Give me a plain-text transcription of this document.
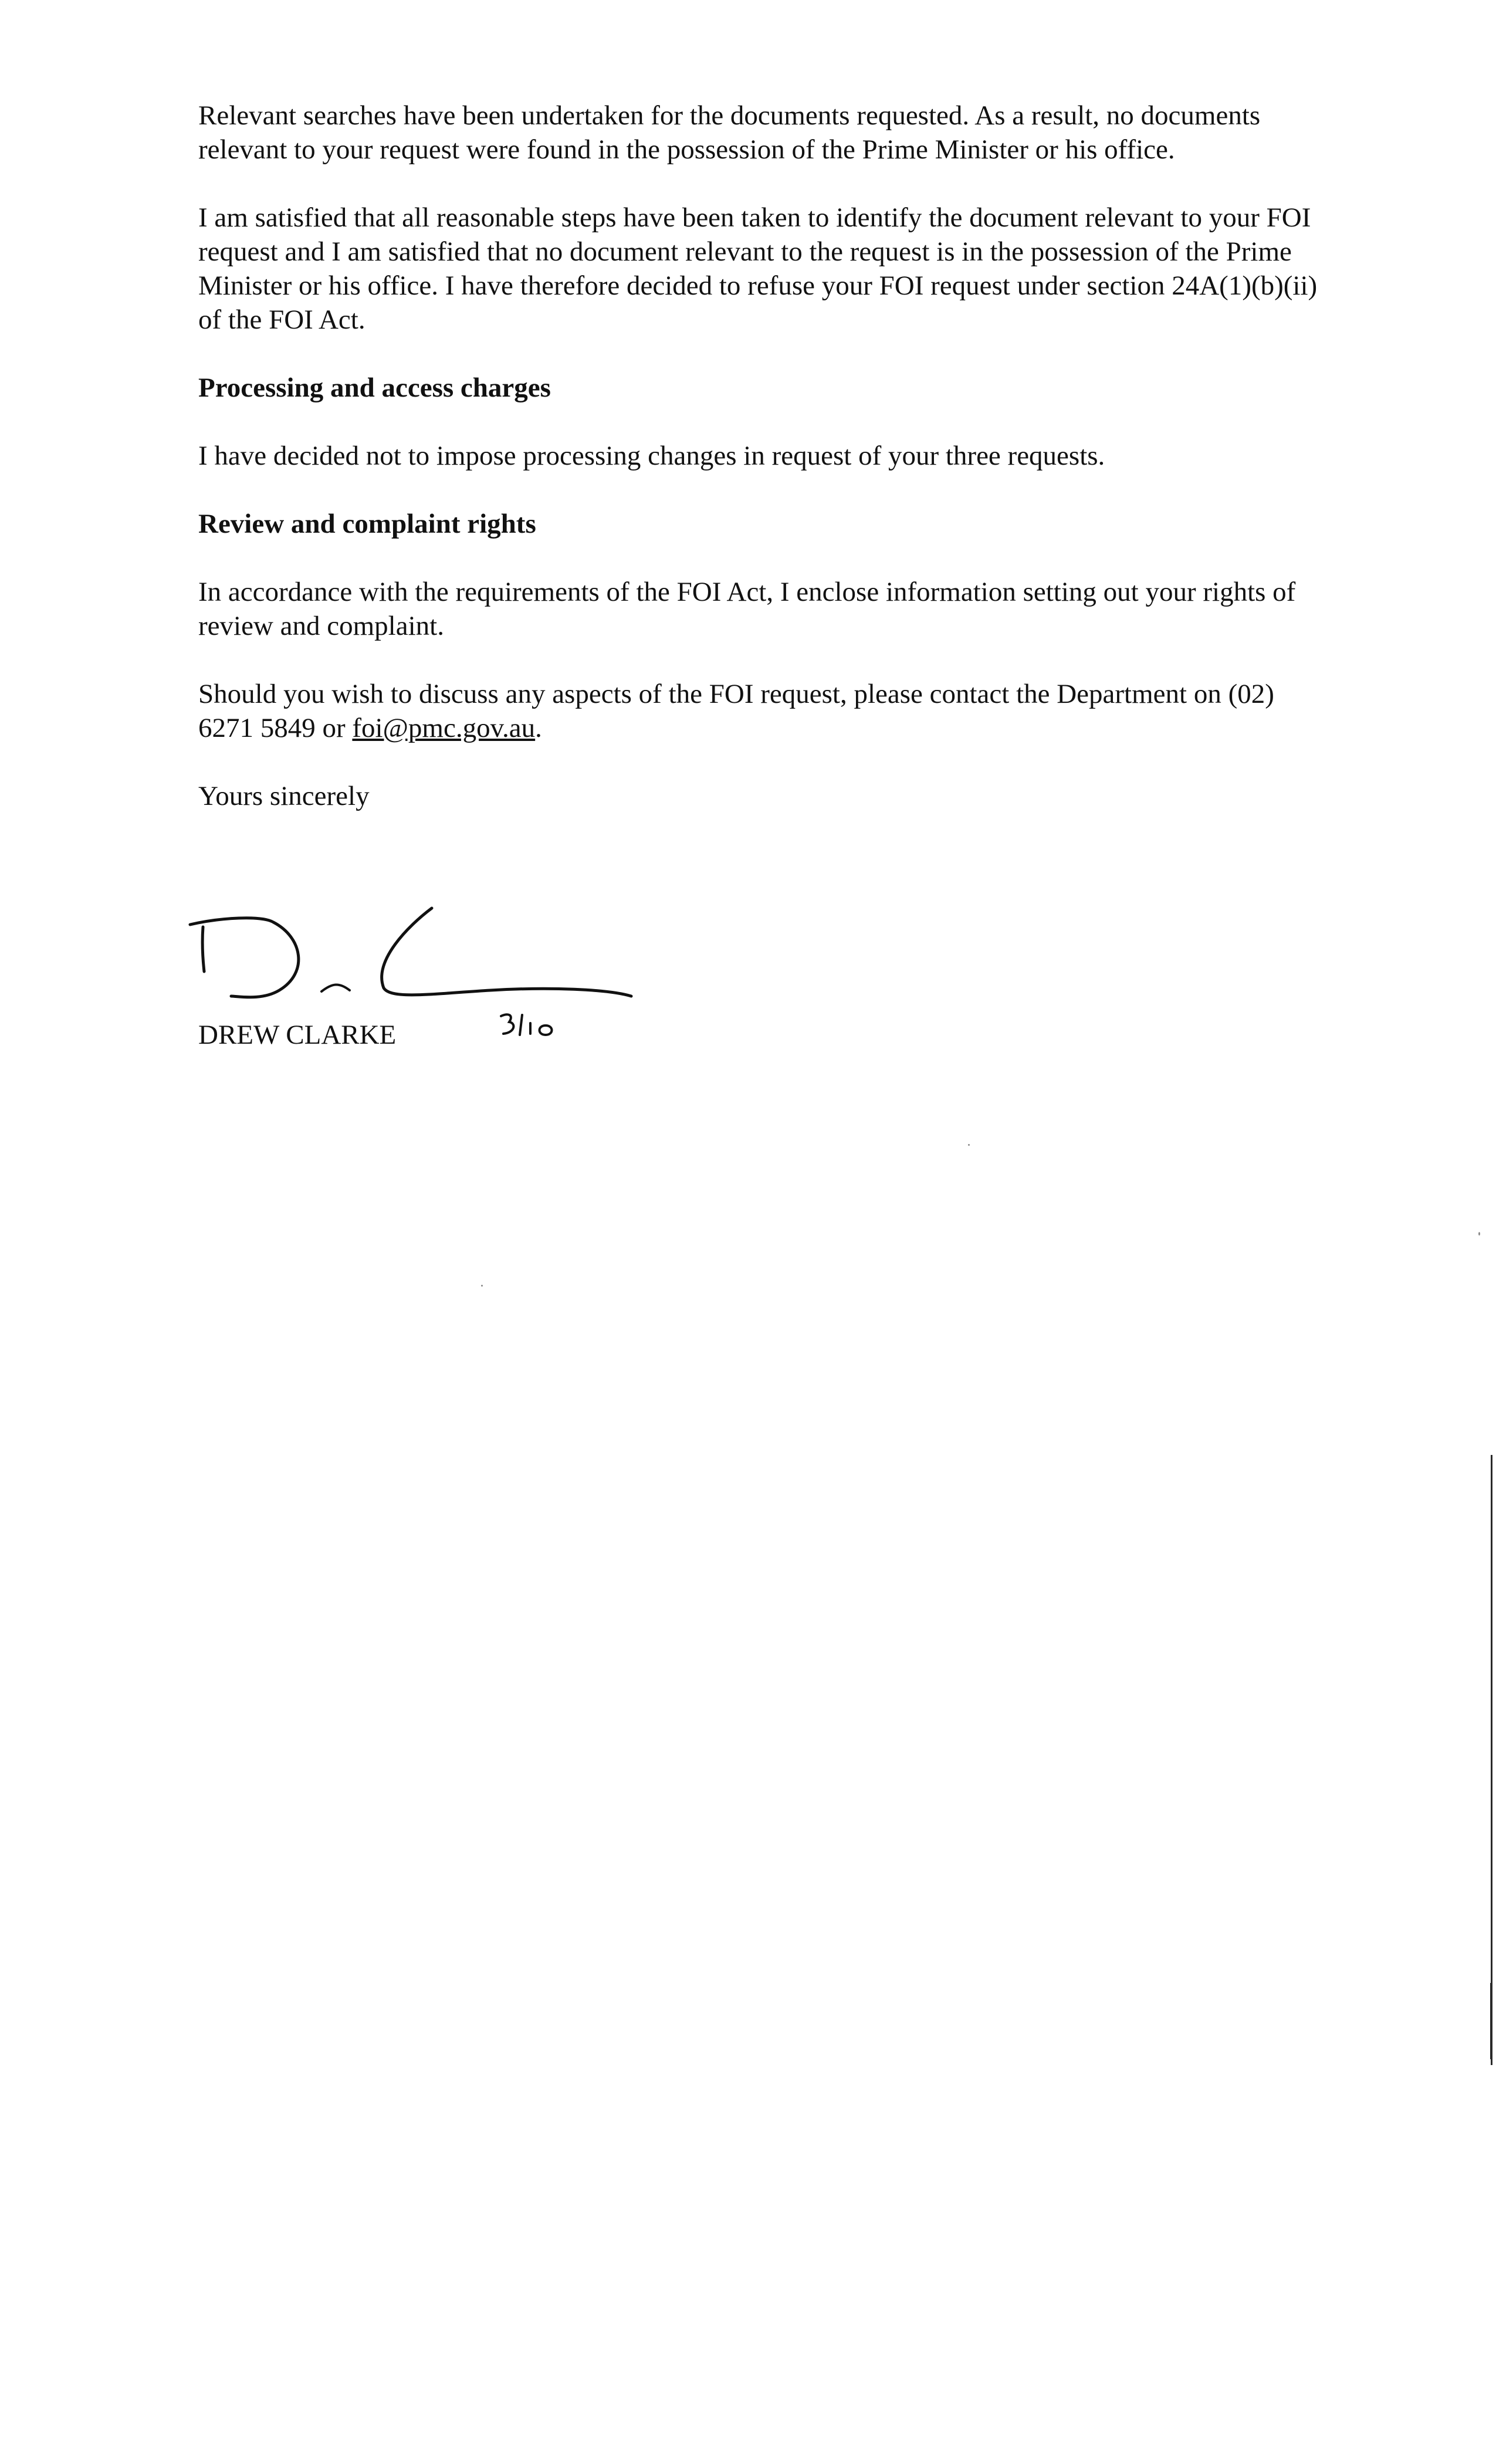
Relevant searches have been undertaken for the documents requested. As a result, no documents relevant to your request were found in the possession of the Prime Minister or his office.

I am satisfied that all reasonable steps have been taken to identify the document relevant to your FOI request and I am satisfied that no document relevant to the request is in the possession of the Prime Minister or his office. I have therefore decided to refuse your FOI request under section 24A(1)(b)(ii) of the FOI Act.

Processing and access charges

I have decided not to impose processing changes in request of your three requests.

Review and complaint rights

In accordance with the requirements of the FOI Act, I enclose information setting out your rights of review and complaint.

Should you wish to discuss any aspects of the FOI request, please contact the Department on (02) 6271 5849 or foi@pmc.gov.au.

Yours sincerely

DREW CLARKE
